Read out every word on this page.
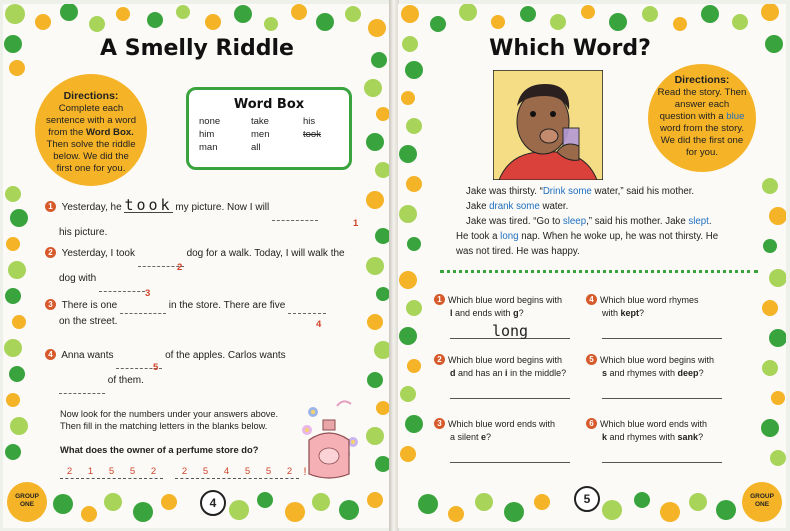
A Smelly Riddle
Directions:
Complete each sentence with a word from the Word Box. Then solve the riddle below. We did the first one for you.
Word Box
none	take	his
him	men	took
man	all
1 Yesterday, he took my picture. Now I will
his picture.
1
2 Yesterday, I took	dog for a walk. Today, I will walk the
dog with
2
3
3 There is one	in the store. There are five
on the street.	4
4 Anna wants	of the apples. Carlos wants
of them.
5
Now look for the numbers under your answers above.
Then fill in the matching letters in the blanks below.
What does the owner of a perfume store do?
2	1	5	5	2	2	5	4	5	5	2	!
4
GROUP
ONE
Which Word?
Directions:
Read the story. Then answer each question with a blue word from the story. We did the first one for you.
Jake was thirsty. “Drink some water,” said his mother.
Jake drank some water.
Jake was tired. “Go to sleep,” said his mother. Jake slept.
He took a long nap. When he woke up, he was not thirsty. He
was not tired. He was happy.
1 Which blue word begins with
l and ends with g?
long
2 Which blue word begins with
d and has an i in the middle?
3 Which blue word ends with
a silent e?
4 Which blue word rhymes
with kept?
5 Which blue word begins with
s and rhymes with deep?
6 Which blue word ends with
k and rhymes with sank?
5	GROUP
ONE
